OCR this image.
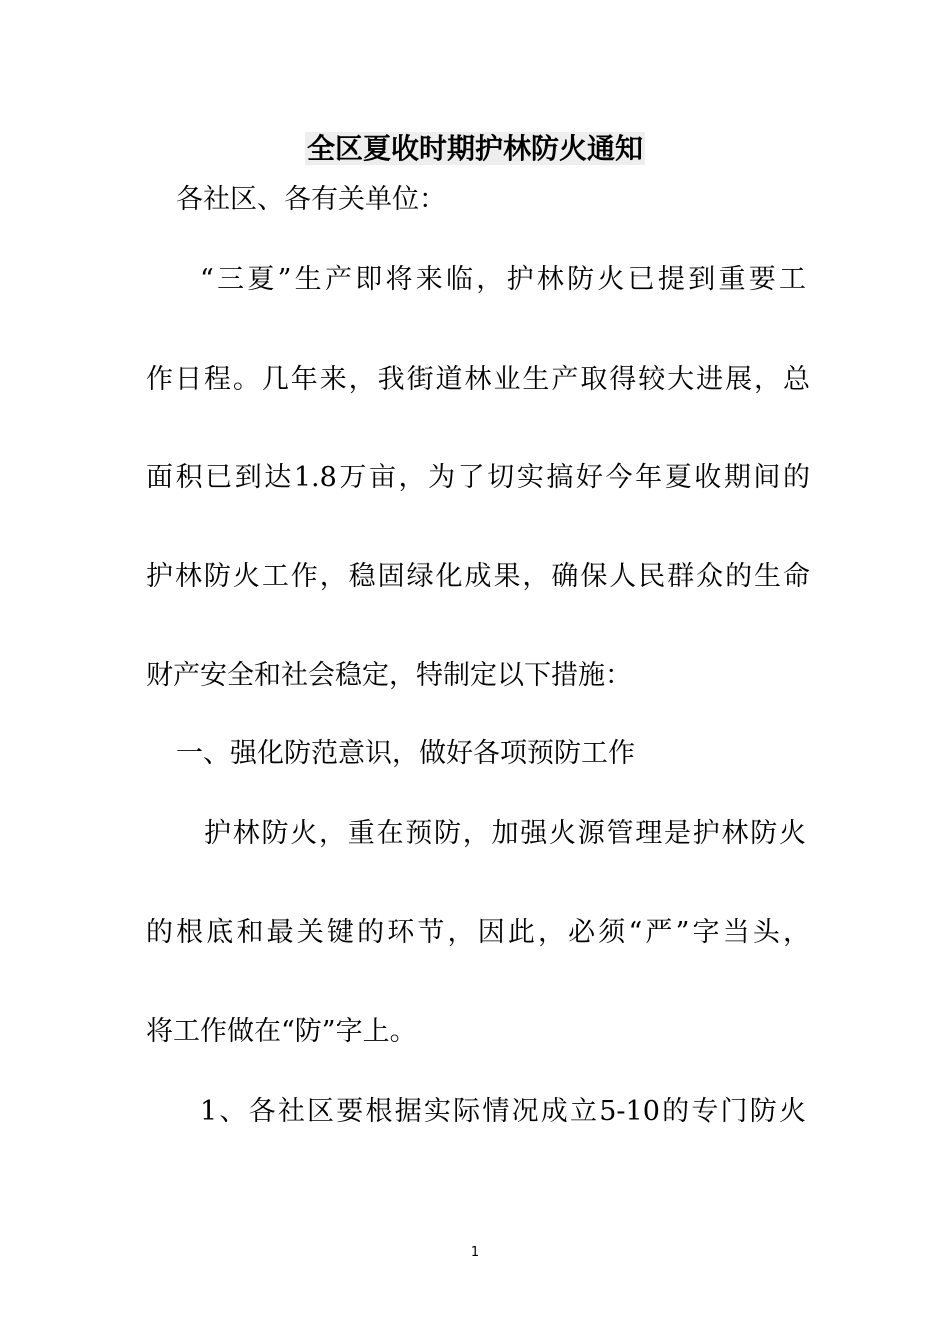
全区夏收时期护林防火通知
各社区、各有关单位：
“三夏”生产即将来临，护林防火已提到重要工
作日程。几年来，我街道林业生产取得较大进展，总
面积已到达1.8万亩，为了切实搞好今年夏收期间的
护林防火工作，稳固绿化成果，确保人民群众的生命
财产安全和社会稳定，特制定以下措施：
一、强化防范意识，做好各项预防工作
护林防火，重在预防，加强火源管理是护林防火
的根底和最关键的环节，因此，必须“严”字当头，
将工作做在“防”字上。
1、各社区要根据实际情况成立5-10的专门防火
1
